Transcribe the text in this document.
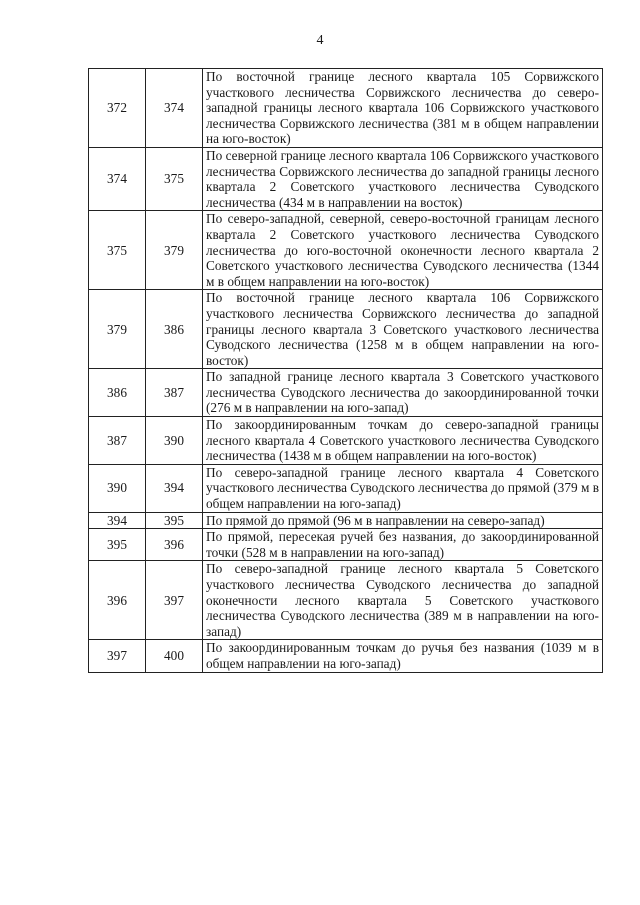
4
372	374	По восточной границе лесного квартала 105 Сорвижского участкового лесничества Сорвижского лесничества до северо-западной границы лесного квартала 106 Сорвижского участкового лесничества Сорвижского лесничества (381 м в общем направлении на юго-восток)
374	375	По северной границе лесного квартала 106 Сорвижского участкового лесничества Сорвижского лесничества до западной границы лесного квартала 2 Советского участкового лесничества Суводского лесничества (434 м в направлении на восток)
375	379	По северо-западной, северной, северо-восточной границам лесного квартала 2 Советского участкового лесничества Суводского лесничества до юго-восточной оконечности лесного квартала 2 Советского участкового лесничества Суводского лесничества (1344 м в общем направлении на юго-восток)
379	386	По восточной границе лесного квартала 106 Сорвижского участкового лесничества Сорвижского лесничества до западной границы лесного квартала 3 Советского участкового лесничества Суводского лесничества (1258 м в общем направлении на юго-восток)
386	387	По западной границе лесного квартала 3 Советского участкового лесничества Суводского лесничества до закоординированной точки (276 м в направлении на юго-запад)
387	390	По закоординированным точкам до северо-западной границы лесного квартала 4 Советского участкового лесничества Суводского лесничества (1438 м в общем направлении на юго-восток)
390	394	По северо-западной границе лесного квартала 4 Советского участкового лесничества Суводского лесничества до прямой (379 м в общем направлении на юго-запад)
394	395	По прямой до прямой (96 м в направлении на северо-запад)
395	396	По прямой, пересекая ручей без названия, до закоординированной точки (528 м в направлении на юго-запад)
396	397	По северо-западной границе лесного квартала 5 Советского участкового лесничества Суводского лесничества до западной оконечности лесного квартала 5 Советского участкового лесничества Суводского лесничества (389 м в направлении на юго-запад)
397	400	По закоординированным точкам до ручья без названия (1039 м в общем направлении на юго-запад)
